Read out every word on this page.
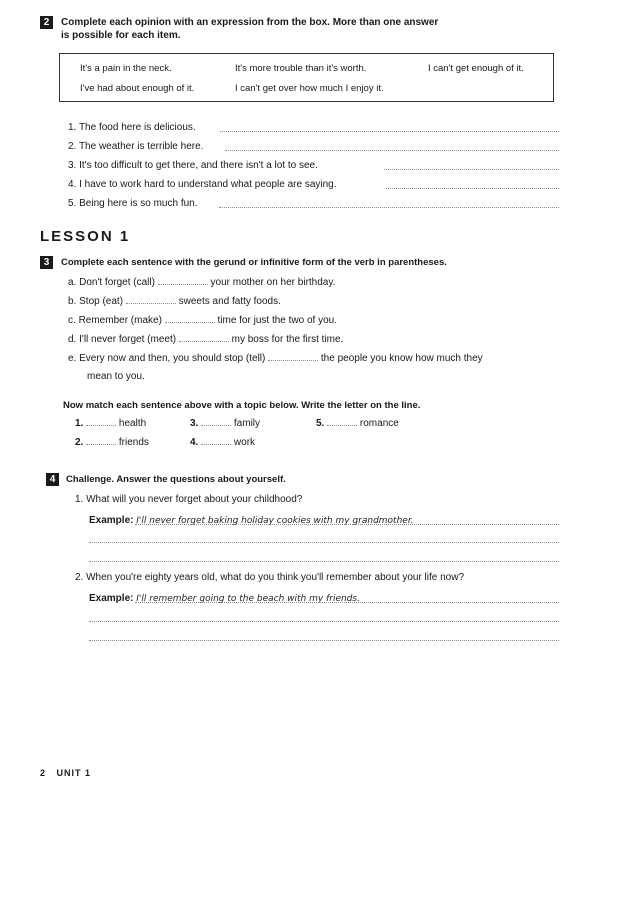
2	Complete each opinion with an expression from the box. More than one answer
is possible for each item.
It's a pain in the neck.	It's more trouble than it's worth.	I can't get enough of it.
I've had about enough of it.	I can't get over how much I enjoy it.
1. The food here is delicious.
2. The weather is terrible here.
3. It's too difficult to get there, and there isn't a lot to see.
4. I have to work hard to understand what people are saying.
5. Being here is so much fun.
LESSON 1
3	Complete each sentence with the gerund or infinitive form of the verb in parentheses.
a. Don't forget (call)	your mother on her birthday.
b. Stop (eat)	sweets and fatty foods.
c. Remember (make)	time for just the two of you.
d. I'll never forget (meet)	my boss for the first time.
e. Every now and then, you should stop (tell)	the people you know how much they
mean to you.
Now match each sentence above with a topic below. Write the letter on the line.
1.	health	3.	family	5.	romance
2.	friends	4.	work
4	Challenge. Answer the questions about yourself.
1. What will you never forget about your childhood?
Example: I'll never forget baking holiday cookies with my grandmother.
2. When you're eighty years old, what do you think you'll remember about your life now?
Example: I'll remember going to the beach with my friends.
2   UNIT 1
